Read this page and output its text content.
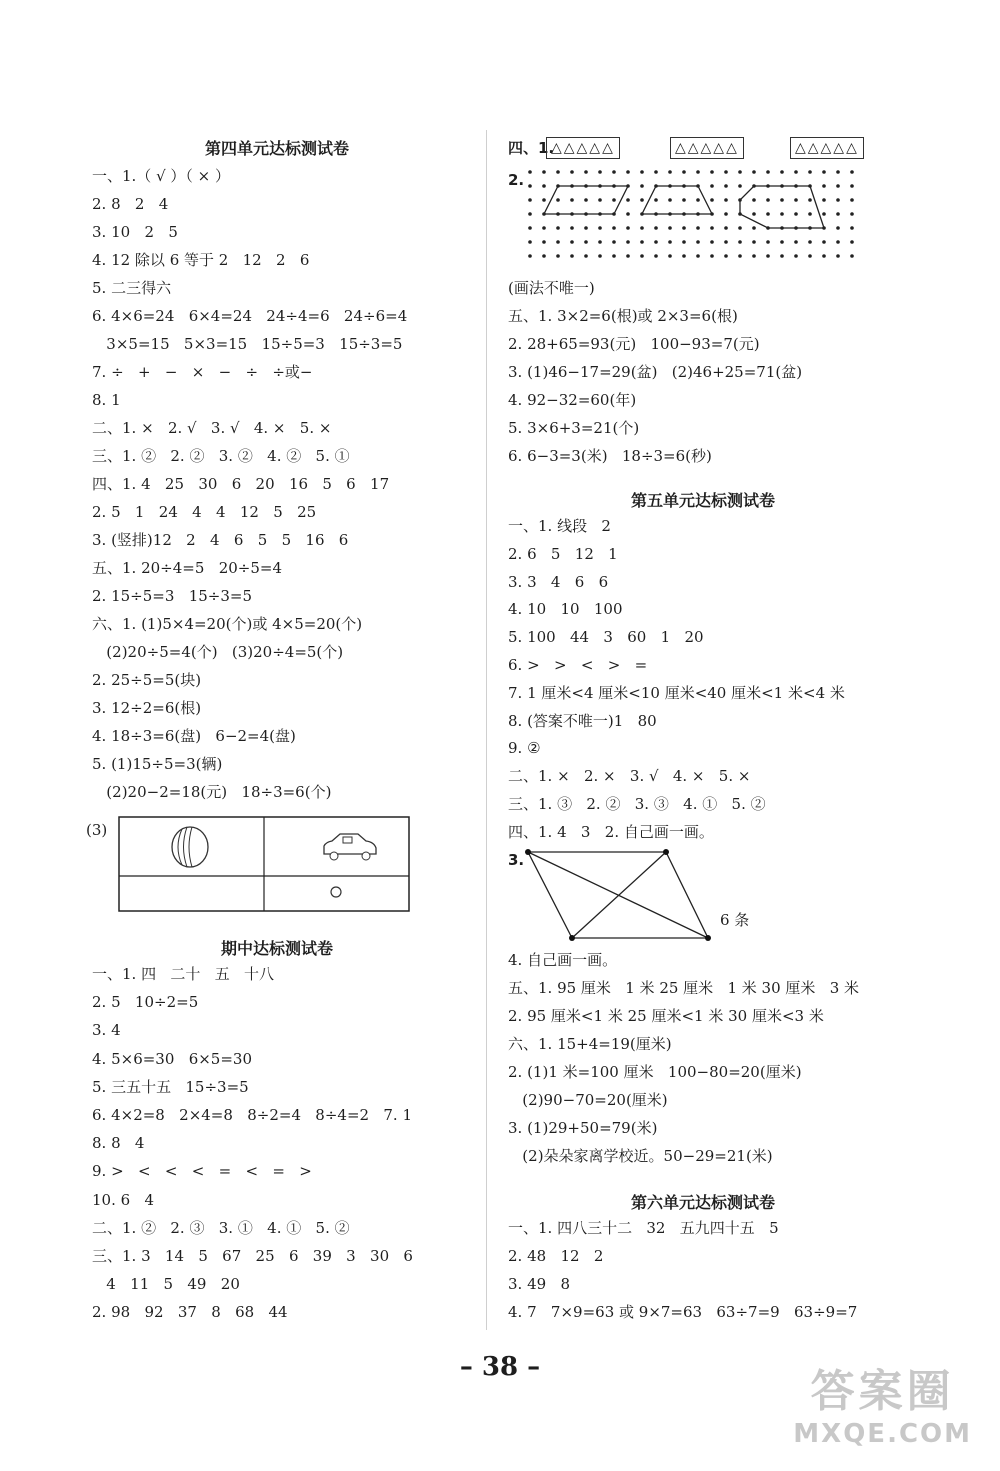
第四单元达标测试卷
一、1.（ √ ）（ × ）
2. 8   2   4
3. 10   2   5
4. 12 除以 6 等于 2   12   2   6
5. 二三得六
6. 4×6=24   6×4=24   24÷4=6   24÷6=4
3×5=15   5×3=15   15÷5=3   15÷3=5
7. ÷   +   −   ×   −   ÷   ÷或−
8. 1
二、1. ×   2. √   3. √   4. ×   5. ×
三、1. ②   2. ②   3. ②   4. ②   5. ①
四、1. 4   25   30   6   20   16   5   6   17
2. 5   1   24   4   4   12   5   25
3. (竖排)12   2   4   6   5   5   16   6
五、1. 20÷4=5   20÷5=4
2. 15÷5=3   15÷3=5
六、1. (1)5×4=20(个)或 4×5=20(个)
(2)20÷5=4(个)   (3)20÷4=5(个)
2. 25÷5=5(块)
3. 12÷2=6(根)
4. 18÷3=6(盘)   6−2=4(盘)
5. (1)15÷5=3(辆)
(2)20−2=18(元)   18÷3=6(个)
(3)
期中达标测试卷
一、1. 四   二十   五   十八
2. 5   10÷2=5
3. 4
4. 5×6=30   6×5=30
5. 三五十五   15÷3=5
6. 4×2=8   2×4=8   8÷2=4   8÷4=2   7. 1
8. 8   4
9. >   <   <   <   =   <   =   >
10. 6   4
二、1. ②   2. ③   3. ①   4. ①   5. ②
三、1. 3   14   5   67   25   6   39   3   30   6
4   11   5   49   20
2. 98   92   37   8   68   44
四、1.
△△△△△	△△△△△	△△△△△
2.
(画法不唯一)
五、1. 3×2=6(根)或 2×3=6(根)
2. 28+65=93(元)   100−93=7(元)
3. (1)46−17=29(盆)   (2)46+25=71(盆)
4. 92−32=60(年)
5. 3×6+3=21(个)
6. 6−3=3(米)   18÷3=6(秒)
第五单元达标测试卷
一、1. 线段   2
2. 6   5   12   1
3. 3   4   6   6
4. 10   10   100
5. 100   44   3   60   1   20
6. >   >   <   >   =
7. 1 厘米<4 厘米<10 厘米<40 厘米<1 米<4 米
8. (答案不唯一)1   80
9. ②
二、1. ×   2. ×   3. √   4. ×   5. ×
三、1. ③   2. ②   3. ③   4. ①   5. ②
四、1. 4   3   2. 自己画一画。
3.
6 条
4. 自己画一画。
五、1. 95 厘米   1 米 25 厘米   1 米 30 厘米   3 米
2. 95 厘米<1 米 25 厘米<1 米 30 厘米<3 米
六、1. 15+4=19(厘米)
2. (1)1 米=100 厘米   100−80=20(厘米)
(2)90−70=20(厘米)
3. (1)29+50=79(米)
(2)朵朵家离学校近。50−29=21(米)
第六单元达标测试卷
一、1. 四八三十二   32   五九四十五   5
2. 48   12   2
3. 49   8
4. 7   7×9=63 或 9×7=63   63÷7=9   63÷9=7
– 38 –	答案圈
MXQE.COM
